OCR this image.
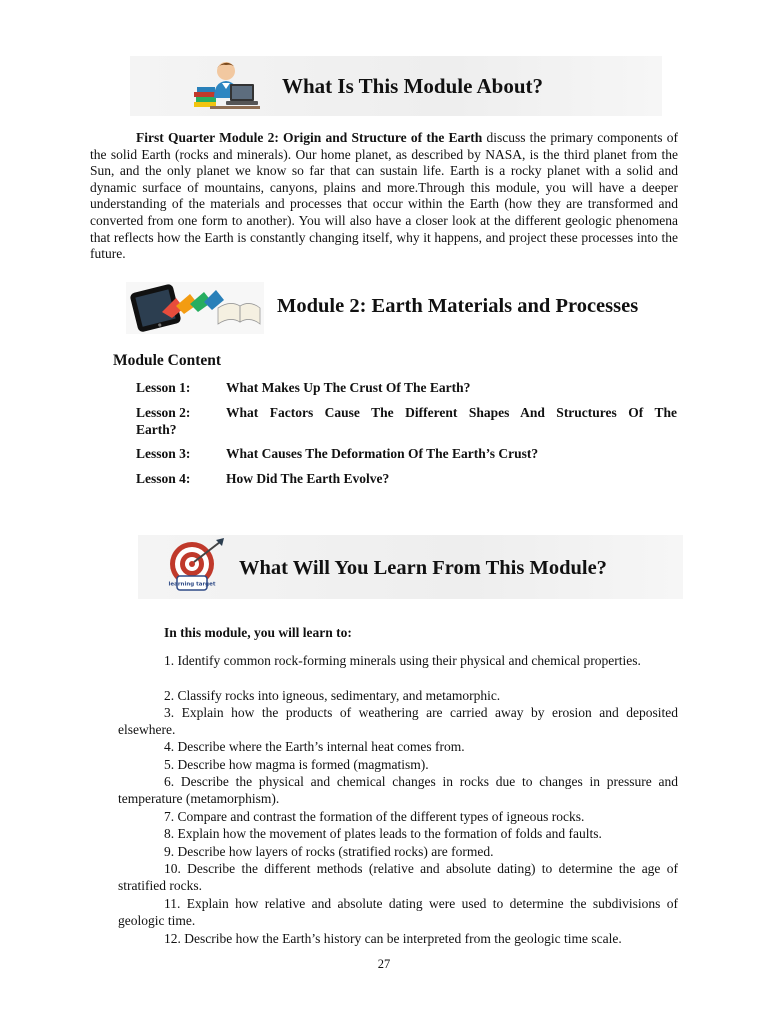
What Is This Module About?
First Quarter Module 2: Origin and Structure of the Earth discuss the primary components of the solid Earth (rocks and minerals). Our home planet, as described by NASA, is the third planet from the Sun, and the only planet we know so far that can sustain life. Earth is a rocky planet with a solid and dynamic surface of mountains, canyons, plains and more.Through this module, you will have a deeper understanding of the materials and processes that occur within the Earth (how they are transformed and converted from one form to another). You will also have a closer look at the different geologic phenomena that reflects how the Earth is constantly changing itself, why it happens, and project these processes into the future.
Module 2: Earth Materials and Processes
Module Content
Lesson 1:	What Makes Up The Crust Of The Earth?
Lesson 2:	What Factors Cause The Different Shapes And Structures Of The
Earth?
Lesson 3:	What Causes The Deformation Of The Earth’s Crust?
Lesson 4:	How Did The Earth Evolve?
learning target
What Will You Learn From This Module?
In this module, you will learn to:
1. Identify common rock-forming minerals using their physical and chemical properties.
2. Classify rocks into igneous, sedimentary, and metamorphic.
3. Explain how the products of weathering are carried away by erosion and deposited elsewhere.
4. Describe where the Earth’s internal heat comes from.
5. Describe how magma is formed (magmatism).
6. Describe the physical and chemical changes in rocks due to changes in pressure and temperature (metamorphism).
7. Compare and contrast the formation of the different types of igneous rocks.
8. Explain how the movement of plates leads to the formation of folds and faults.
9. Describe how layers of rocks (stratified rocks) are formed.
10. Describe the different methods (relative and absolute dating) to determine the age of stratified rocks.
11. Explain how relative and absolute dating were used to determine the subdivisions of geologic time.
12. Describe how the Earth’s history can be interpreted from the geologic time scale.
27
